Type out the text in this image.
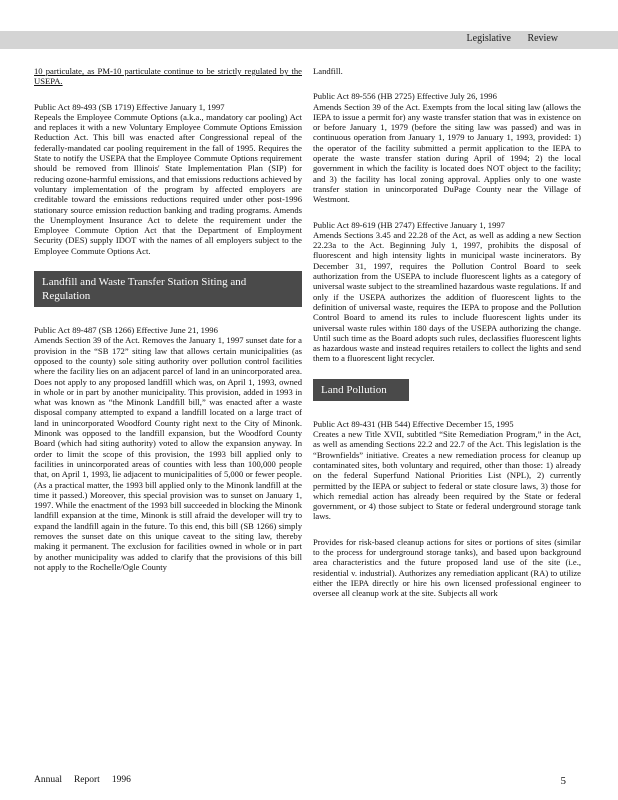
Legislative Review

10 particulate, as PM-10 particulate continue to be strictly regulated by the USEPA.

Public Act 89-493 (SB 1719) Effective January 1, 1997
Repeals the Employee Commute Options (a.k.a., mandatory car pooling) Act and replaces it with a new Voluntary Employee Commute Options Emission Reduction Act. This bill was enacted after Congressional repeal of the federally-mandated car pooling requirement in the fall of 1995. Requires the State to notify the USEPA that the Employee Commute Options requirement should be removed from Illinois' State Implementation Plan (SIP) for reducing ozone-harmful emissions, and that emissions reductions achieved by voluntary implementation of the program by affected employers are creditable toward the emissions reductions required under other post-1996 stationary source emission reduction banking and trading programs. Amends the Unemployment Insurance Act to delete the requirement under the Employee Commute Option Act that the Department of Employment Security (DES) supply IDOT with the names of all employers subject to the Employee Commute Options Act.

Landfill and Waste Transfer Station Siting and Regulation

Public Act 89-487 (SB 1266) Effective June 21, 1996
Amends Section 39 of the Act. Removes the January 1, 1997 sunset date for a provision in the “SB 172” siting law that allows certain municipalities (as opposed to the county) sole siting authority over pollution control facilities where the facility lies on an adjacent parcel of land in an unincorporated area. Does not apply to any proposed landfill which was, on April 1, 1993, owned in whole or in part by another municipality. This provision, added in 1993 in what was known as “the Minonk Landfill bill,” was enacted after a waste disposal company attempted to expand a landfill located on a large tract of land in unincorporated Woodford County right next to the City of Minonk. Minonk was opposed to the landfill expansion, but the Woodford County Board (which had siting authority) voted to allow the expansion anyway. In order to limit the scope of this provision, the 1993 bill applied only to facilities in unincorporated areas of counties with less than 100,000 people that, on April 1, 1993, lie adjacent to municipalities of 5,000 or fewer people. (As a practical matter, the 1993 bill applied only to the Minonk landfill at the time it passed.) Moreover, this special provision was to sunset on January 1, 1997. While the enactment of the 1993 bill succeeded in blocking the Minonk landfill expansion at the time, Minonk is still afraid the developer will try to expand the landfill again in the future. To this end, this bill (SB 1266) simply removes the sunset date on this unique caveat to the siting law, thereby making it permanent. The exclusion for facilities owned in whole or in part by another municipality was added to clarify that the provisions of this bill not apply to the Rochelle/Ogle County

Landfill.

Public Act 89-556 (HB 2725) Effective July 26, 1996
Amends Section 39 of the Act. Exempts from the local siting law (allows the IEPA to issue a permit for) any waste transfer station that was in existence on or before January 1, 1979 (before the siting law was passed) and was in continuous operation from January 1, 1979 to January 1, 1993, provided: 1) the operator of the facility submitted a permit application to the IEPA to operate the waste transfer station during April of 1994; 2) the local government in which the facility is located does NOT object to the facility; and 3) the facility has local zoning approval. Applies only to one waste transfer station in unincorporated DuPage County near the Village of Westmont.

Public Act 89-619 (HB 2747) Effective January 1, 1997
Amends Sections 3.45 and 22.28 of the Act, as well as adding a new Section 22.23a to the Act. Beginning July 1, 1997, prohibits the disposal of fluorescent and high intensity lights in municipal waste incinerators. By December 31, 1997, requires the Pollution Control Board to seek authorization from the USEPA to include fluorescent lights as a category of universal waste subject to the streamlined hazardous waste regulations. If and only if the USEPA authorizes the addition of fluorescent lights to the definition of universal waste, requires the IEPA to propose and the Pollution Control Board to amend its rules to include fluorescent lights under its universal waste rules within 180 days of the USEPA authorizing the change. Until such time as the Board adopts such rules, declassifies fluorescent lights as hazardous waste and instead requires retailers to collect the lights and send them to a fluorescent light recycler.

Land Pollution

Public Act 89-431 (HB 544) Effective December 15, 1995
Creates a new Title XVII, subtitled “Site Remediation Program,” in the Act, as well as amending Sections 22.2 and 22.7 of the Act. This legislation is the “Brownfields” initiative. Creates a new remediation process for cleanup up contaminated sites, both voluntary and required, other than those: 1) already on the federal Superfund National Priorities List (NPL), 2) currently permitted by the IEPA or subject to federal or state closure laws, 3) those for which remedial action has already been required by the State or federal government, or 4) those subject to State or federal underground storage tank laws.

Provides for risk-based cleanup actions for sites or portions of sites (similar to the process for underground storage tanks), and based upon background area characteristics and the future proposed land use of the site (i.e., residential v. industrial). Authorizes any remediation applicant (RA) to utilize either the IEPA directly or hire his own licensed professional engineer to oversee all cleanup work at the site. Subjects all work

Annual Report 1996	5
